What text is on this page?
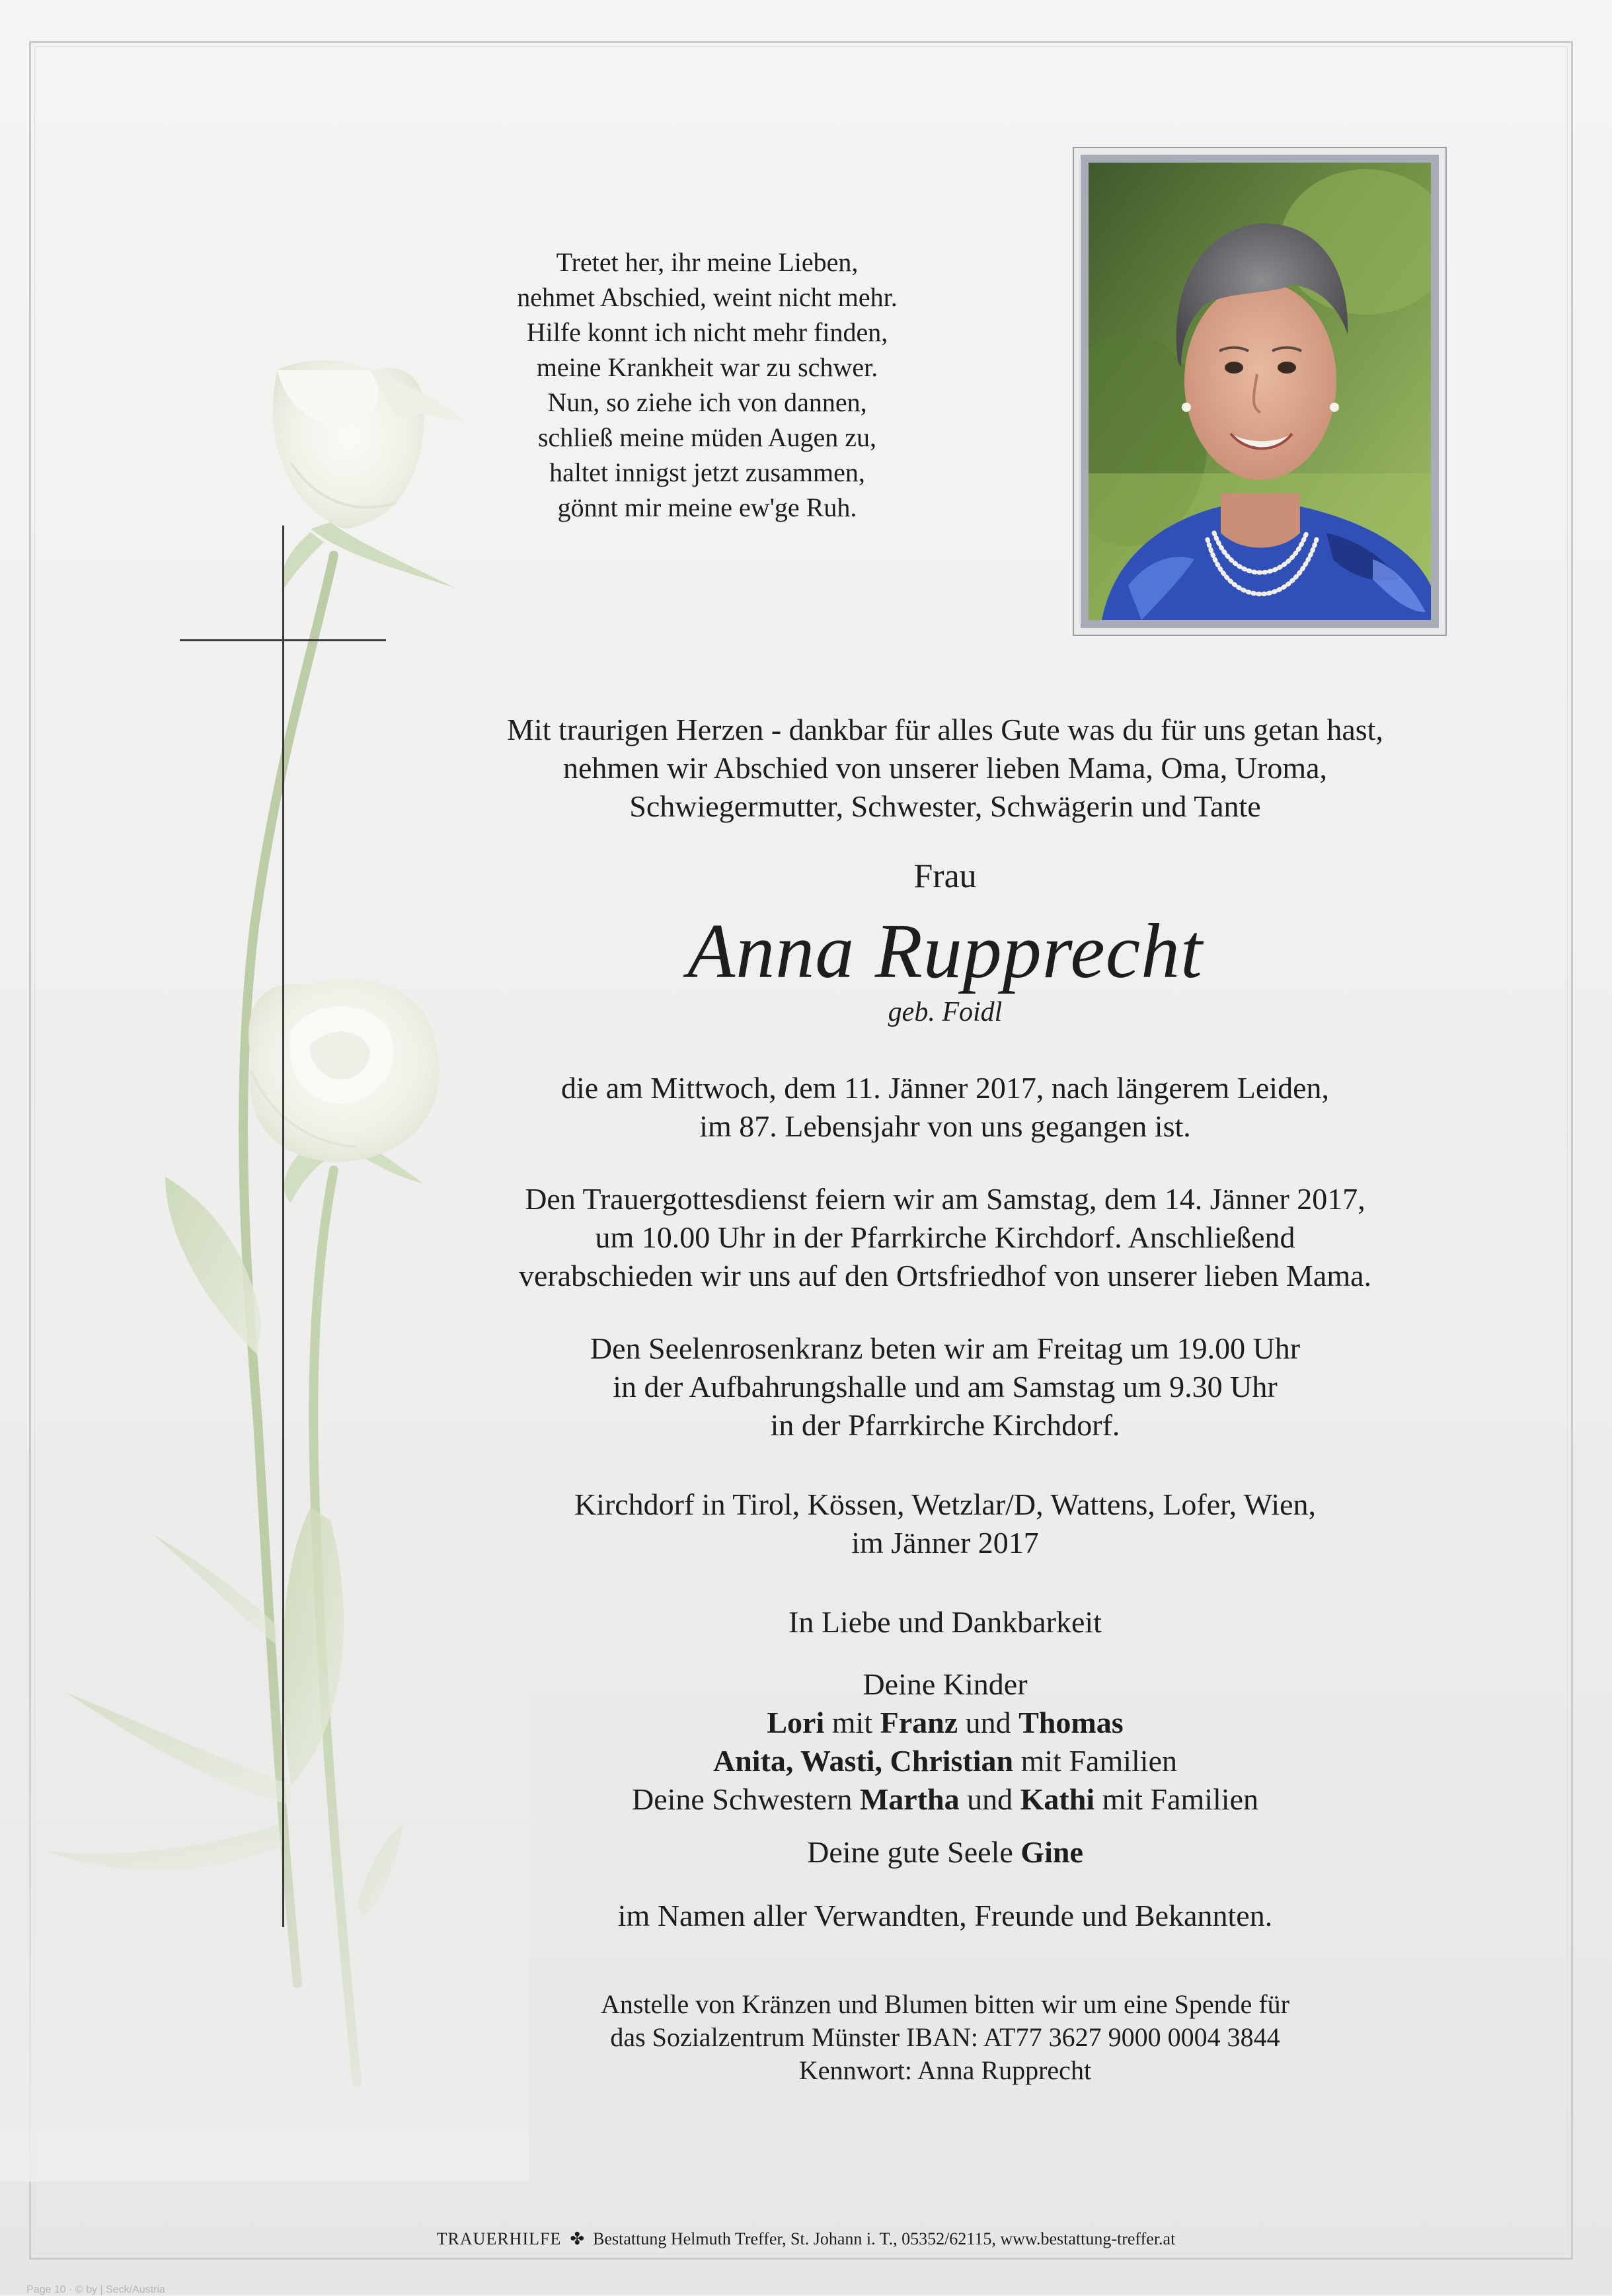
Tretet her, ihr meine Lieben,
nehmet Abschied, weint nicht mehr.
Hilfe konnt ich nicht mehr finden,
meine Krankheit war zu schwer.
Nun, so ziehe ich von dannen,
schließ meine müden Augen zu,
haltet innigst jetzt zusammen,
gönnt mir meine ew'ge Ruh.
Mit traurigen Herzen - dankbar für alles Gute was du für uns getan hast,
nehmen wir Abschied von unserer lieben Mama, Oma, Uroma,
Schwiegermutter, Schwester, Schwägerin und Tante
Frau
Anna Rupprecht
geb. Foidl
die am Mittwoch, dem 11. Jänner 2017, nach längerem Leiden,
im 87. Lebensjahr von uns gegangen ist.
Den Trauergottesdienst feiern wir am Samstag, dem 14. Jänner 2017,
um 10.00 Uhr in der Pfarrkirche Kirchdorf. Anschließend
verabschieden wir uns auf den Ortsfriedhof von unserer lieben Mama.
Den Seelenrosenkranz beten wir am Freitag um 19.00 Uhr
in der Aufbahrungshalle und am Samstag um 9.30 Uhr
in der Pfarrkirche Kirchdorf.
Kirchdorf in Tirol, Kössen, Wetzlar/D, Wattens, Lofer, Wien,
im Jänner 2017
In Liebe und Dankbarkeit
Deine Kinder
Lori mit Franz und Thomas
Anita, Wasti, Christian mit Familien
Deine Schwestern Martha und Kathi mit Familien
Deine gute Seele Gine
im Namen aller Verwandten, Freunde und Bekannten.
Anstelle von Kränzen und Blumen bitten wir um eine Spende für
das Sozialzentrum Münster IBAN: AT77 3627 9000 0004 3844
Kennwort: Anna Rupprecht
TRAUERHILFE  ✤  Bestattung Helmuth Treffer, St. Johann i. T., 05352/62115, www.bestattung-treffer.at
Page 10 · © by | Seck/Austria
